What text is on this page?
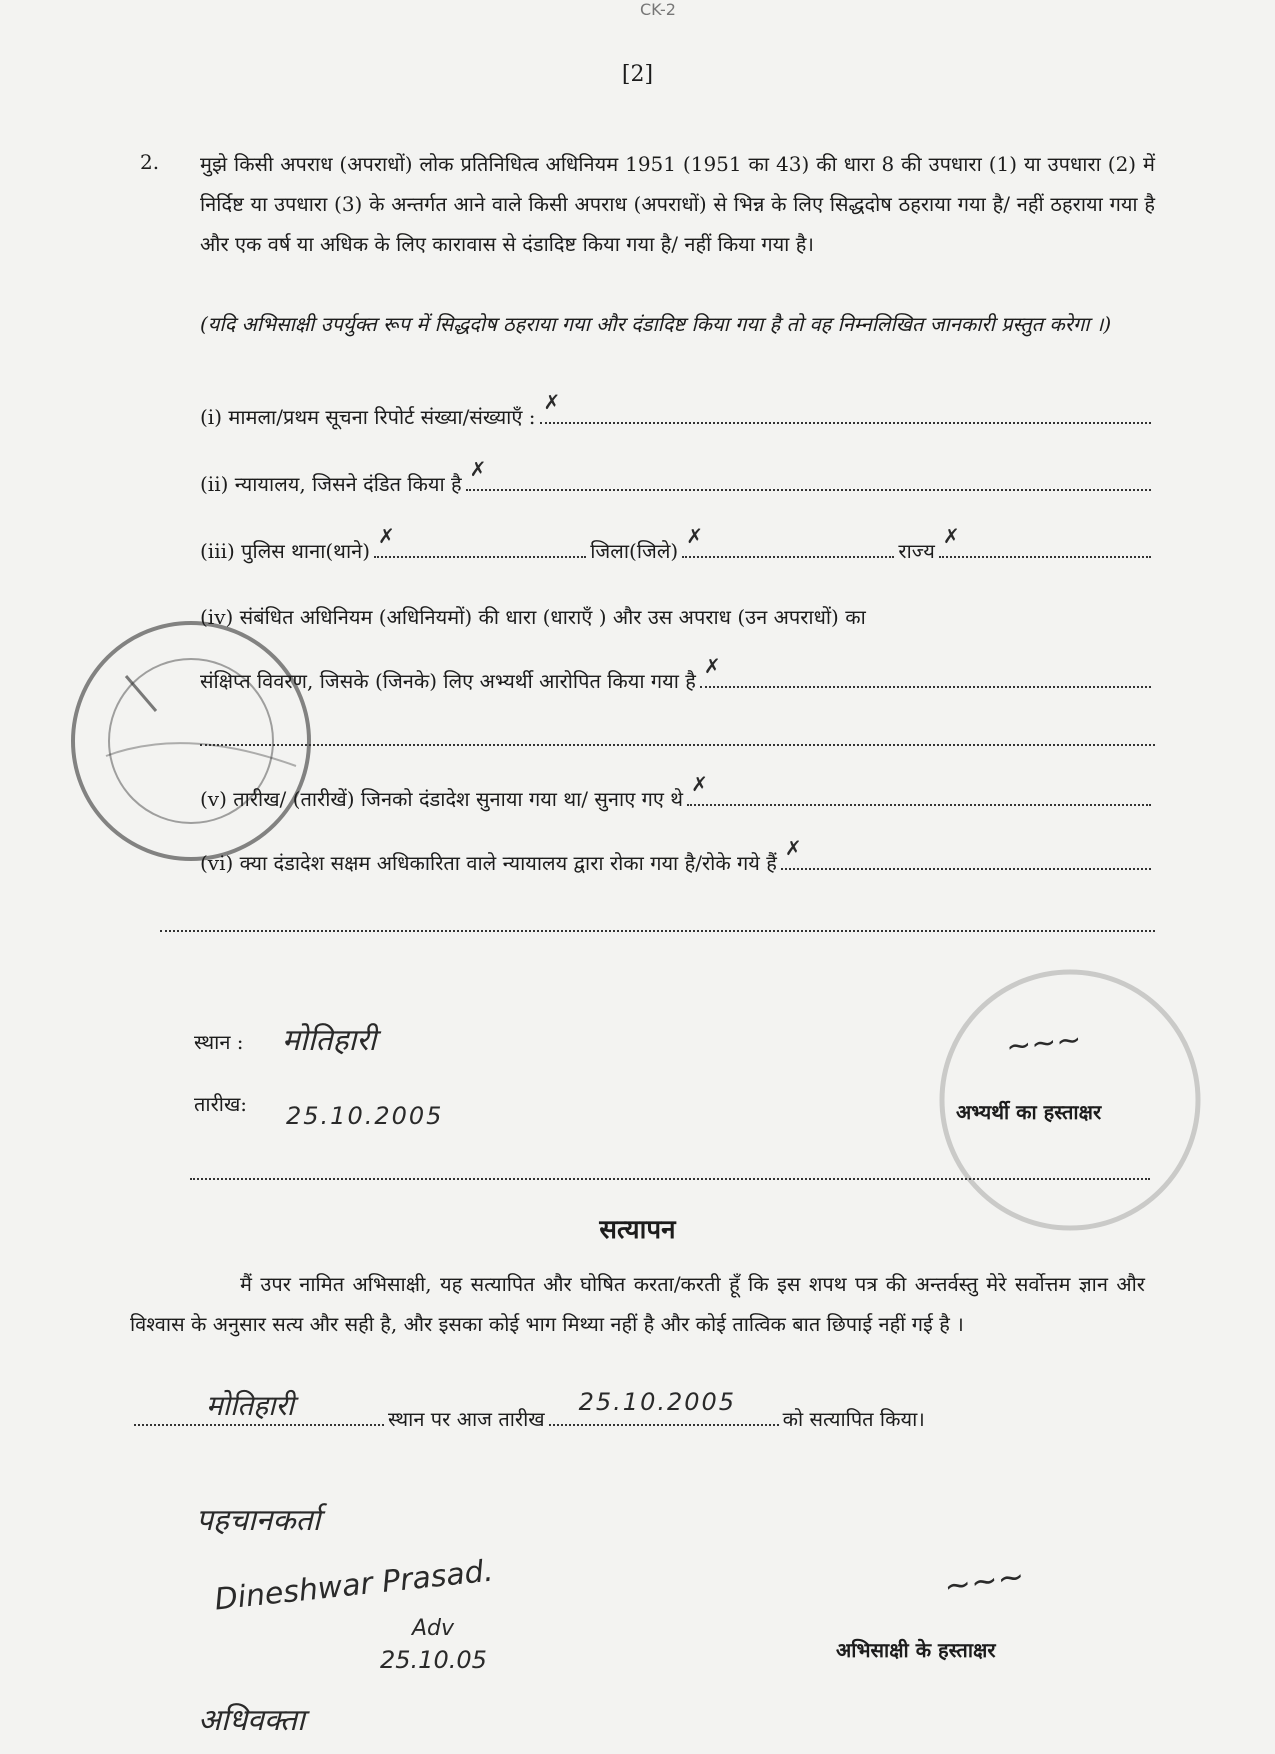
CK-2
[2]
2. मुझे किसी अपराध (अपराधों) लोक प्रतिनिधित्व अधिनियम 1951 (1951 का 43) की धारा 8 की उपधारा (1) या उपधारा (2) में निर्दिष्ट या उपधारा (3) के अन्तर्गत आने वाले किसी अपराध (अपराधों) से भिन्न के लिए सिद्धदोष ठहराया गया है/ नहीं ठहराया गया है और एक वर्ष या अधिक के लिए कारावास से दंडादिष्ट किया गया है/ नहीं किया गया है।
(यदि अभिसाक्षी उपर्युक्त रूप में सिद्धदोष ठहराया गया और दंडादिष्ट किया गया है तो वह निम्नलिखित जानकारी प्रस्तुत करेगा ।)
(i) मामला/प्रथम सूचना रिपोर्ट संख्या/संख्याएँ :
✗
(ii) न्यायालय, जिसने दंडित किया है
✗
(iii) पुलिस थाना(थाने)
✗
जिला(जिले)
✗
राज्य
✗
(iv) संबंधित अधिनियम (अधिनियमों) की धारा (धाराएँ ) और उस अपराध (उन अपराधों) का
संक्षिप्त विवरण, जिसके (जिनके) लिए अभ्यर्थी आरोपित किया गया है
✗
(v) तारीख/ (तारीखें) जिनको दंडादेश सुनाया गया था/ सुनाए गए थे
✗
(vi) क्या दंडादेश सक्षम अधिकारिता वाले न्यायालय द्वारा रोका गया है/रोके गये हैं
✗
स्थान : मोतिहारी
तारीख: 25.10.2005
~~~
अभ्यर्थी का हस्ताक्षर
सत्यापन
मैं उपर नामित अभिसाक्षी, यह सत्यापित और घोषित करता/करती हूँ कि इस शपथ पत्र की अन्तर्वस्तु मेरे सर्वोत्तम ज्ञान और विश्वास के अनुसार सत्य और सही है, और इसका कोई भाग मिथ्या नहीं है और कोई तात्विक बात छिपाई नहीं गई है ।
मोतिहारी	स्थान पर आज तारीख
25.10.2005
को सत्यापित किया।
पहचानकर्ता
Dineshwar Prasad.
Adv
25.10.05
अधिवक्ता
~~~
अभिसाक्षी के हस्ताक्षर
